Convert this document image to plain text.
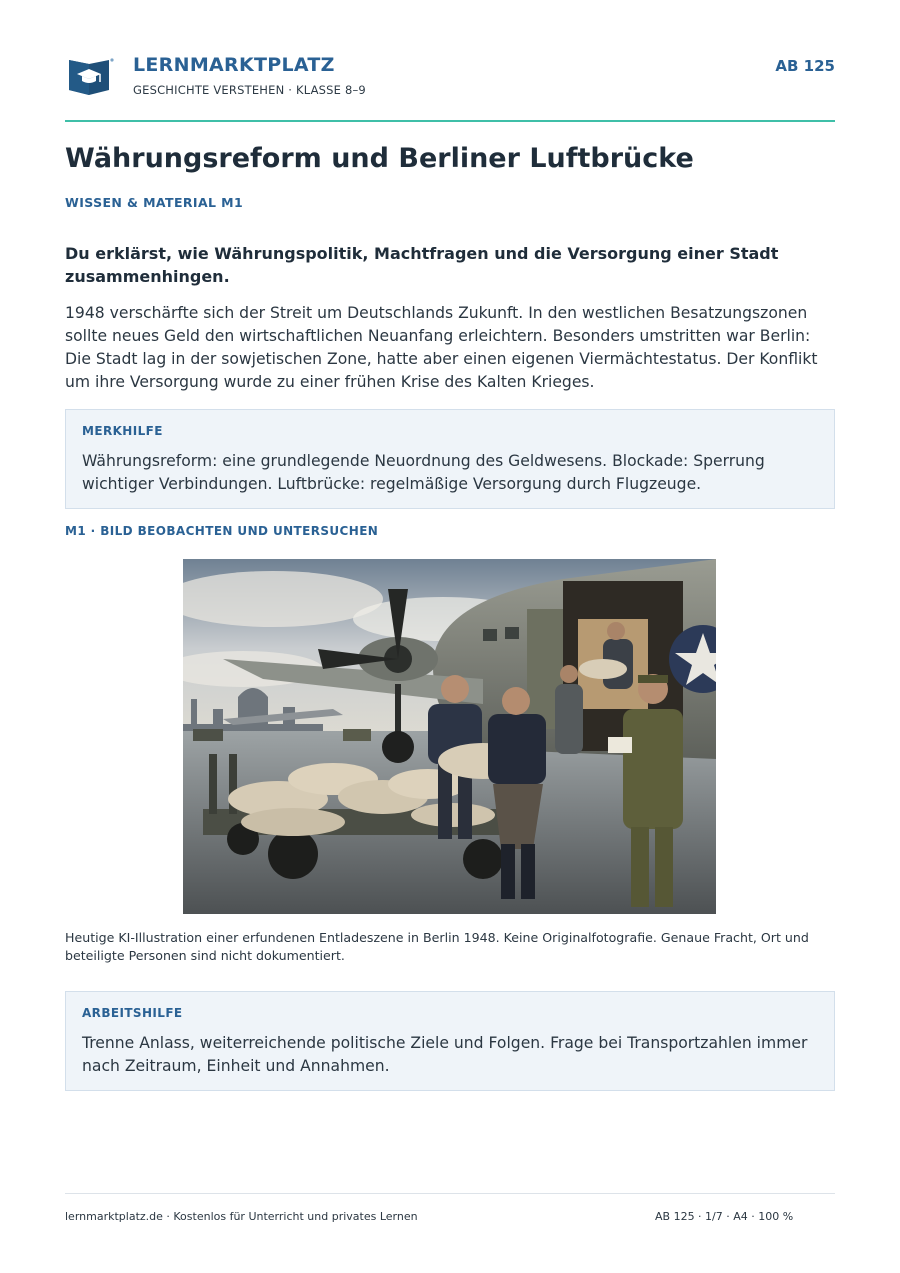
LERNMARKTPLATZ
GESCHICHTE VERSTEHEN · KLASSE 8–9
AB 125
Währungsreform und Berliner Luftbrücke
WISSEN & MATERIAL M1

Du erklärst, wie Währungspolitik, Machtfragen und die Versorgung einer Stadt zusammenhingen.

1948 verschärfte sich der Streit um Deutschlands Zukunft. In den westlichen Besatzungszonen sollte neues Geld den wirtschaftlichen Neuanfang erleichtern. Besonders umstritten war Berlin: Die Stadt lag in der sowjetischen Zone, hatte aber einen eigenen Viermächtestatus. Der Konflikt um ihre Versorgung wurde zu einer frühen Krise des Kalten Krieges.

MERKHILFE

Währungsreform: eine grundlegende Neuordnung des Geldwesens. Blockade: Sperrung wichtiger Verbindungen. Luftbrücke: regelmäßige Versorgung durch Flugzeuge.

M1 · BILD BEOBACHTEN UND UNTERSUCHEN

Heutige KI-Illustration einer erfundenen Entladeszene in Berlin 1948. Keine Originalfotografie. Genaue Fracht, Ort und beteiligte Personen sind nicht dokumentiert.

ARBEITSHILFE

Trenne Anlass, weiterreichende politische Ziele und Folgen. Frage bei Transportzahlen immer nach Zeitraum, Einheit und Annahmen.

lernmarktplatz.de · Kostenlos für Unterricht und privates Lernen	AB 125 · 1/7 · A4 · 100 %
